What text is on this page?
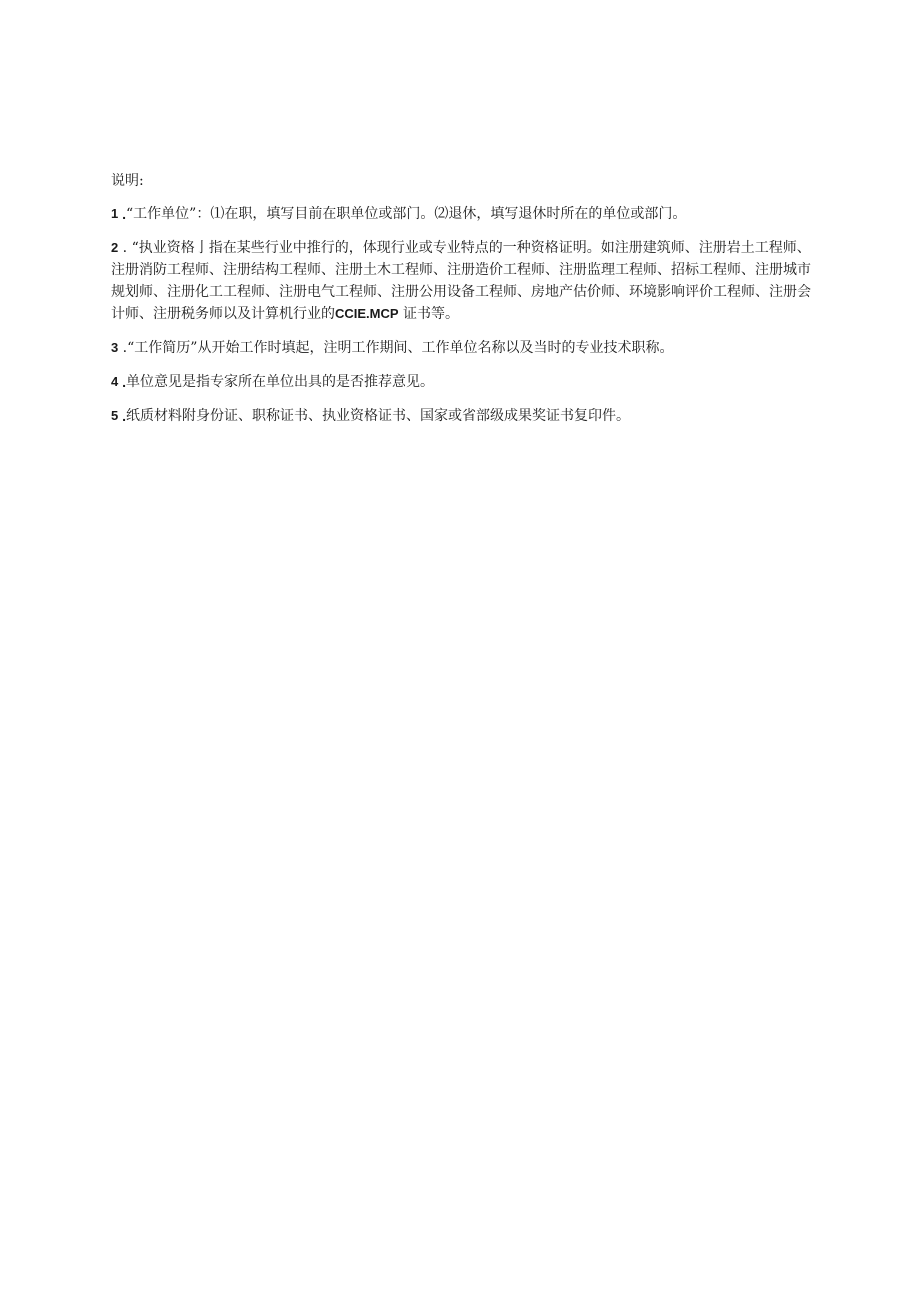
说明:
1 . “工作单位”：⑴在职，填写目前在职单位或部门。⑵退休，填写退休时所在的单位或部门。
2 . “执业资格亅指在某些行业中推行的，体现行业或专业特点的一种资格证明。如注册建筑师、注册岩土工程师、注册消防工程师、注册结构工程师、注册土木工程师、注册造价工程师、注册监理工程师、招标工程师、注册城市规划师、注册化工工程师、注册电气工程师、注册公用设备工程师、房地产估价师、环境影响评价工程师、注册会计师、注册税务师以及计算机行业的CCIE.MCP 证书等。
3 . “工作简历”从开始工作时填起，注明工作期间、工作单位名称以及当时的专业技术职称。
4 . 单位意见是指专家所在单位出具的是否推荐意见。
5 . 纸质材料附身份证、职称证书、执业资格证书、国家或省部级成果奖证书复印件。
